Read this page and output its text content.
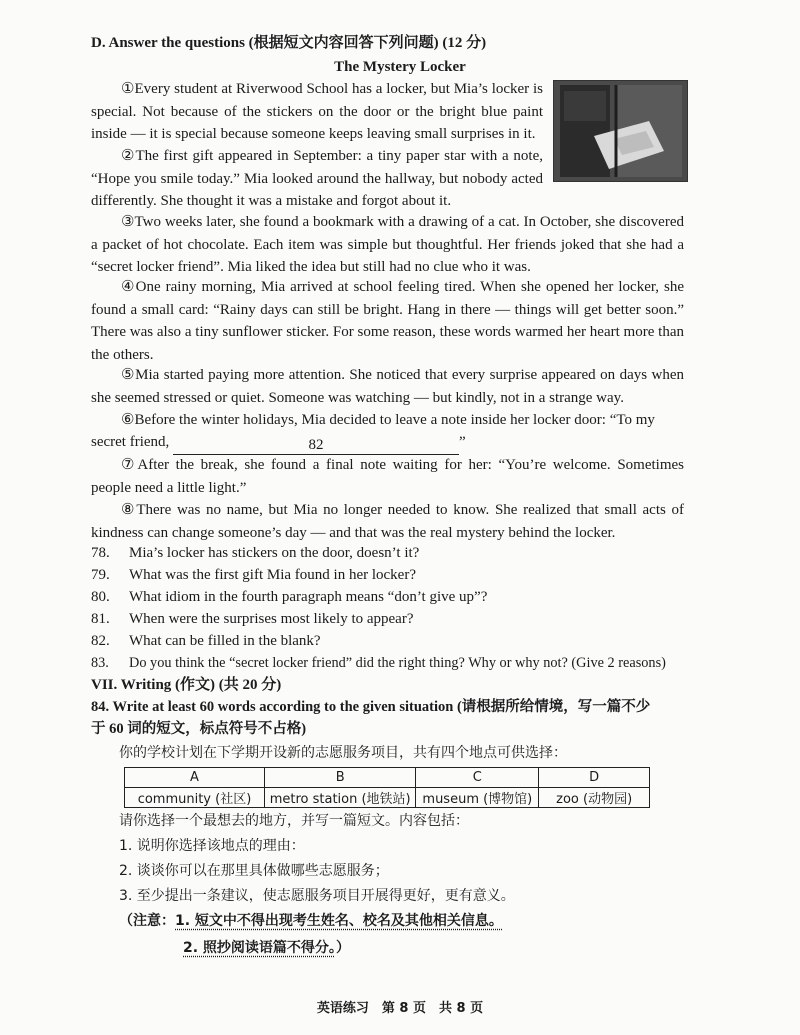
D. Answer the questions (根据短文内容回答下列问题) (12 分)
The Mystery Locker
①Every student at Riverwood School has a locker, but Mia’s locker is special. Not because of the stickers on the door or the bright blue paint inside — it is special because someone keeps leaving small surprises in it.
②The first gift appeared in September: a tiny paper star with a note, “Hope you smile today.” Mia looked around the hallway, but nobody acted differently. She thought it was a mistake and forgot about it.
③Two weeks later, she found a bookmark with a drawing of a cat. In October, she discovered a packet of hot chocolate. Each item was simple but thoughtful. Her friends joked that she had a “secret locker friend”. Mia liked the idea but still had no clue who it was.
④One rainy morning, Mia arrived at school feeling tired. When she opened her locker, she found a small card: “Rainy days can still be bright. Hang in there — things will get better soon.” There was also a tiny sunflower sticker. For some reason, these words warmed her heart more than the others.
⑤Mia started paying more attention. She noticed that every surprise appeared on days when she seemed stressed or quiet. Someone was watching — but kindly, not in a strange way.
⑥Before the winter holidays, Mia decided to leave a note inside her locker door: “To my
secret friend,	82	”
⑦After the break, she found a final note waiting for her: “You’re welcome. Sometimes people need a little light.”
⑧There was no name, but Mia no longer needed to know. She realized that small acts of kindness can change someone’s day — and that was the real mystery behind the locker.
78. Mia’s locker has stickers on the door, doesn’t it?
79. What was the first gift Mia found in her locker?
80. What idiom in the fourth paragraph means “don’t give up”?
81. When were the surprises most likely to appear?
82. What can be filled in the blank?
83. Do you think the “secret locker friend” did the right thing? Why or why not? (Give 2 reasons)
VII. Writing (作文) (共 20 分)
84. Write at least 60 words according to the given situation (请根据所给情境，写一篇不少
于 60 词的短文，标点符号不占格)
你的学校计划在下学期开设新的志愿服务项目，共有四个地点可供选择：
A	B	C	D
community (社区)	metro station (地铁站)	museum (博物馆)	zoo (动物园)
请你选择一个最想去的地方，并写一篇短文。内容包括：
1. 说明你选择该地点的理由：
2. 谈谈你可以在那里具体做哪些志愿服务；
3. 至少提出一条建议，使志愿服务项目开展得更好，更有意义。
（注意：1. 短文中不得出现考生姓名、校名及其他相关信息。
2. 照抄阅读语篇不得分。）
英语练习　第 8 页　共 8 页
